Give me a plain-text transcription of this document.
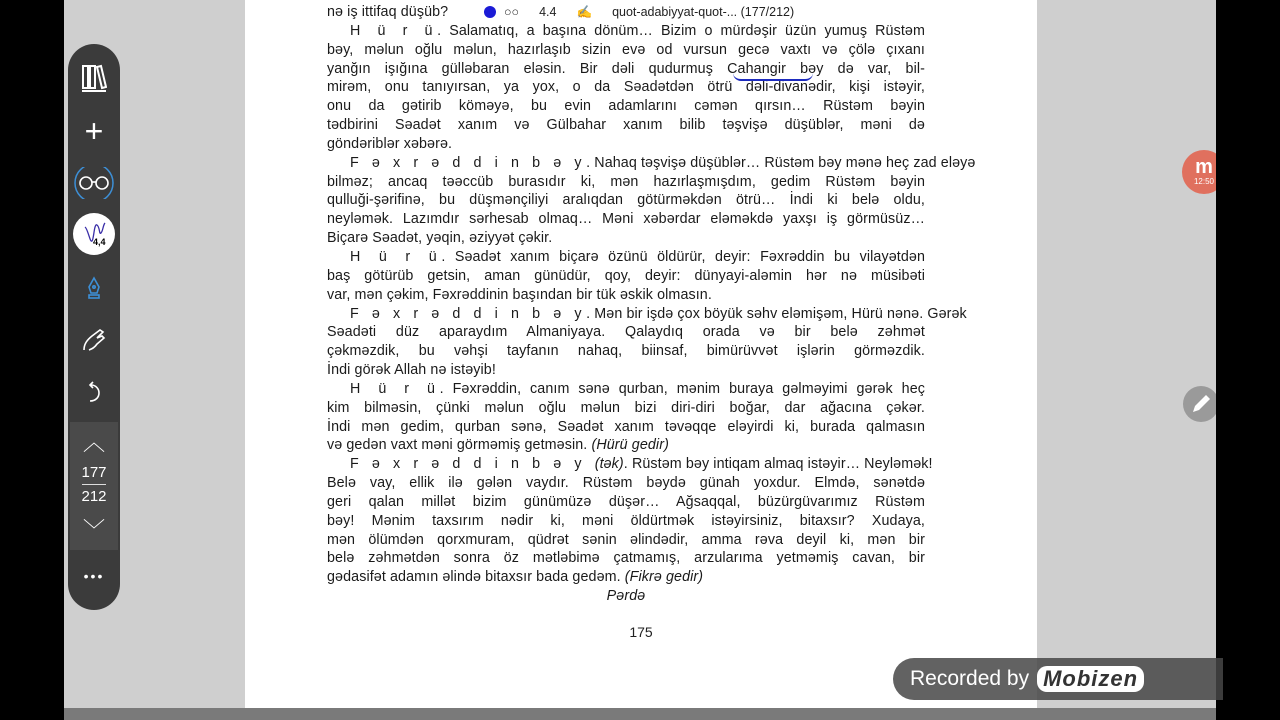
nə iş ittifaq düşüb?
H ü r ü. Salamatıq, a başına dönüm… Bizim o mürdəşir üzün yumuş Rüstəm
bəy, məlun oğlu məlun, hazırlaşıb sizin evə od vursun gecə vaxtı və çölə çıxanı
yanğın işığına gülləbaran eləsin. Bir dəli qudurmuş Cahangir bəy də var, bil-
mirəm, onu tanıyırsan, ya yox, o da Səadətdən ötrü dəli-divanədir, kişi istəyir,
onu da gətirib köməyə, bu evin adamlarını cəmən qırsın… Rüstəm bəyin
tədbirini Səadət xanım və Gülbahar xanım bilib təşvişə düşüblər, məni də
göndəriblər xəbərə.
F ə x r ə d d i n b ə y. Nahaq təşvişə düşüblər… Rüstəm bəy mənə heç zad eləyə
bilməz; ancaq təəccüb burasıdır ki, mən hazırlaşmışdım, gedim Rüstəm bəyin
qulluği-şərifinə, bu düşmənçiliyi aralıqdan götürməkdən ötrü… İndi ki belə oldu,
neyləmək. Lazımdır sərhesab olmaq… Məni xəbərdar eləməkdə yaxşı iş görmüsüz…
Biçarə Səadət, yəqin, əziyyət çəkir.
H ü r ü. Səadət xanım biçarə özünü öldürür, deyir: Fəxrəddin bu vilayətdən
baş götürüb getsin, aman günüdür, qoy, deyir: dünyayi-aləmin hər nə müsibəti
var, mən çəkim, Fəxrəddinin başından bir tük əskik olmasın.
F ə x r ə d d i n b ə y. Mən bir işdə çox böyük səhv eləmişəm, Hürü nənə. Gərək
Səadəti düz aparaydım Almaniyaya. Qalaydıq orada və bir belə zəhmət
çəkməzdik, bu vəhşi tayfanın nahaq, biinsaf, bimürüvvət işlərin görməzdik.
İndi görək Allah nə istəyib!
H ü r ü. Fəxrəddin, canım sənə qurban, mənim buraya gəlməyimi gərək heç
kim bilməsin, çünki məlun oğlu məlun bizi diri-diri boğar, dar ağacına çəkər.
İndi mən gedim, qurban sənə, Səadət xanım təvəqqe eləyirdi ki, burada qalmasın
və gedən vaxt məni görməmiş getməsin. (Hürü gedir)
F ə x r ə d d i n b ə y (tək). Rüstəm bəy intiqam almaq istəyir… Neyləmək!
Belə vay, ellik ilə gələn vaydır. Rüstəm bəydə günah yoxdur. Elmdə, sənətdə
geri qalan millət bizim günümüzə düşər… Ağsaqqal, büzürgüvarımız Rüstəm
bəy! Mənim taxsırım nədir ki, məni öldürtmək istəyirsiniz, bitaxsır? Xudaya,
mən ölümdən qorxmuram, qüdrət sənin əlindədir, amma rəva deyil ki, mən bir
belə zəhmətdən sonra öz mətləbimə çatmamış, arzularıma yetməmiş cavan, bir
gədasifət adamın əlində bitaxsır bada gedəm. (Fikrə gedir)
Pərdə
175
○○ 4.4 ✍ quot-adabiyyat-quot-... (177/212)
+
4,4
︿
177
212
﹀
•••
m
12:50
Recorded by Mobizen
